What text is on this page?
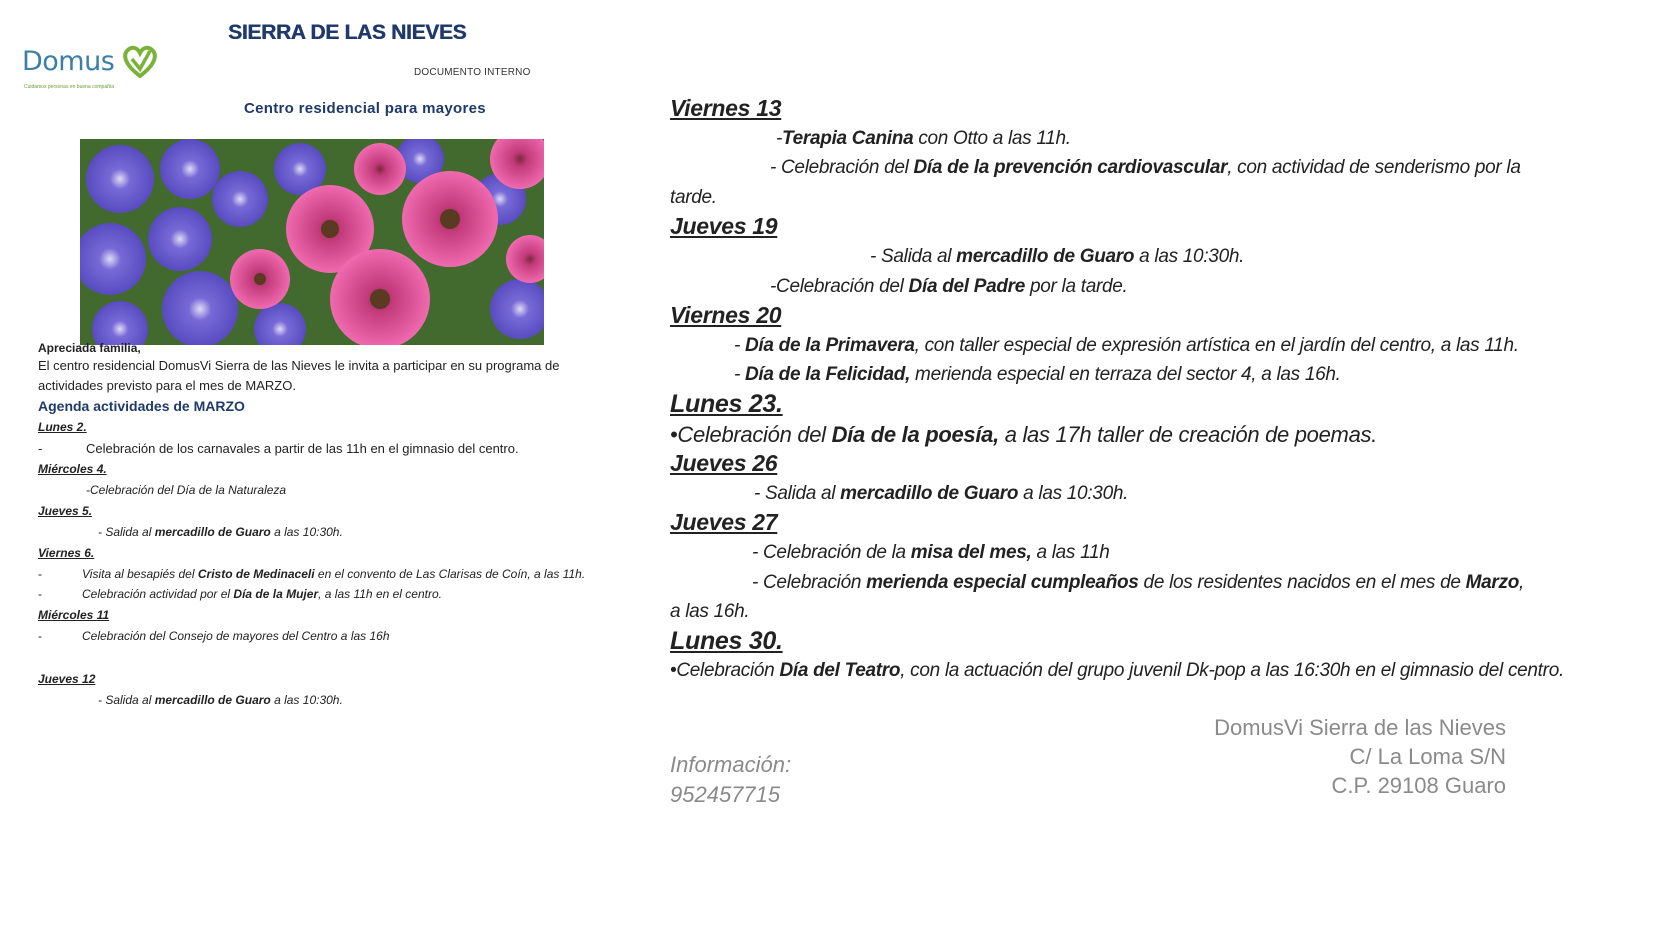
Domus
Cuidamos personas en buena compañía
SIERRA DE LAS NIEVES
DOCUMENTO INTERNO
Centro residencial para mayores

Apreciada familia,

El centro residencial DomusVi Sierra de las Nieves le invita a participar en su programa de actividades previsto para el mes de MARZO.

Agenda actividades de MARZO

Lunes 2.

-	Celebración de los carnavales a partir de las 11h en el gimnasio del centro.

Miércoles 4.

-Celebración del Día de la Naturaleza

Jueves 5.

- Salida al mercadillo de Guaro a las 10:30h.

Viernes 6.

-	Visita al besapiés del Cristo de Medinaceli en el convento de Las Clarisas de Coín, a las 11h.

-	Celebración actividad por el Día de la Mujer, a las 11h en el centro.

Miércoles 11

-	Celebración del Consejo de mayores del Centro a las 16h

Jueves 12

- Salida al mercadillo de Guaro a las 10:30h.

Viernes 13

-Terapia Canina con Otto a las 11h.

- Celebración del Día de la prevención cardiovascular, con actividad de senderismo por la

tarde.

Jueves 19

- Salida al mercadillo de Guaro a las 10:30h.

-Celebración del Día del Padre por la tarde.

Viernes 20

- Día de la Primavera, con taller especial de expresión artística en el jardín del centro, a las 11h.

- Día de la Felicidad, merienda especial en terraza del sector 4, a las 16h.

Lunes 23.

•Celebración del Día de la poesía, a las 17h taller de creación de poemas.

Jueves 26

- Salida al mercadillo de Guaro a las 10:30h.

Jueves 27

- Celebración de la misa del mes, a las 11h

- Celebración merienda especial cumpleaños de los residentes nacidos en el mes de Marzo,

a las 16h.

Lunes 30.

•Celebración Día del Teatro, con la actuación del grupo juvenil Dk-pop a las 16:30h en el gimnasio del centro.

Información:
952457715
DomusVi Sierra de las Nieves
C/ La Loma S/N
C.P. 29108 Guaro
